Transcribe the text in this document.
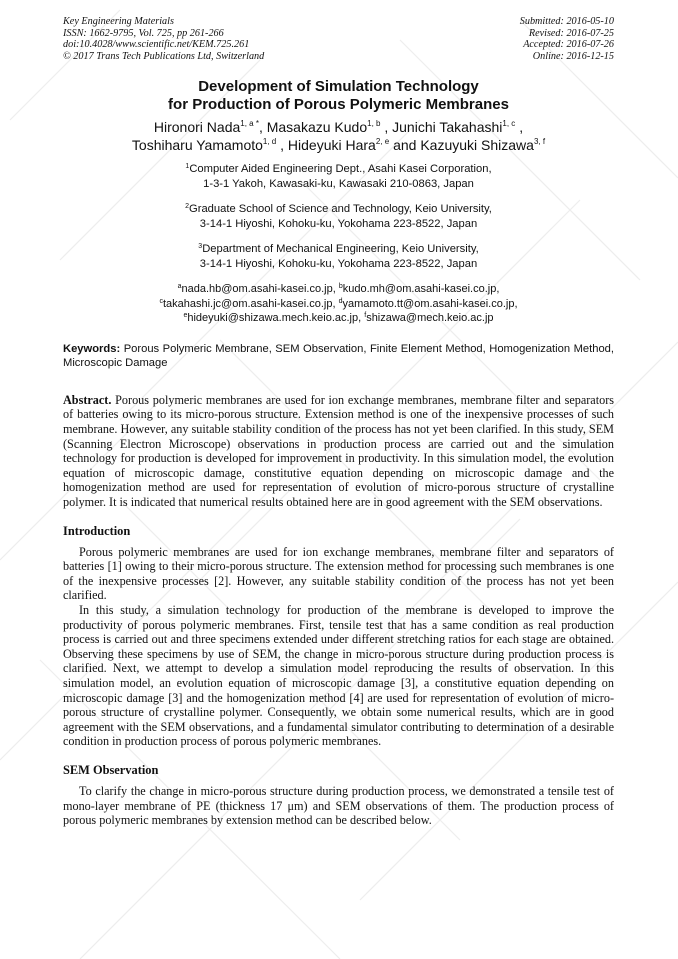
Key Engineering Materials
ISSN: 1662-9795, Vol. 725, pp 261-266
doi:10.4028/www.scientific.net/KEM.725.261
© 2017 Trans Tech Publications Ltd, Switzerland
Submitted: 2016-05-10
Revised: 2016-07-25
Accepted: 2016-07-26
Online: 2016-12-15
Development of Simulation Technology
for Production of Porous Polymeric Membranes
Hironori Nada$^{1, a *}$, Masakazu Kudo$^{1, b}$ , Junichi Takahashi$^{1, c}$ ,
Toshiharu Yamamoto$^{1, d}$ , Hideyuki Hara$^{2, e}$ and Kazuyuki Shizawa$^{3, f}$
$^1$Computer Aided Engineering Dept., Asahi Kasei Corporation,
1-3-1 Yakoh, Kawasaki-ku, Kawasaki 210-0863, Japan
$^2$Graduate School of Science and Technology, Keio University,
3-14-1 Hiyoshi, Kohoku-ku, Yokohama 223-8522, Japan
$^3$Department of Mechanical Engineering, Keio University,
3-14-1 Hiyoshi, Kohoku-ku, Yokohama 223-8522, Japan
$^a$nada.hb@om.asahi-kasei.co.jp, $^b$kudo.mh@om.asahi-kasei.co.jp,
$^c$takahashi.jc@om.asahi-kasei.co.jp, $^d$yamamoto.tt@om.asahi-kasei.co.jp,
$^e$hideyuki@shizawa.mech.keio.ac.jp, $^f$shizawa@mech.keio.ac.jp
Keywords: Porous Polymeric Membrane, SEM Observation, Finite Element Method, Homogenization Method, Microscopic Damage
Abstract. Porous polymeric membranes are used for ion exchange membranes, membrane filter and separators of batteries owing to its micro-porous structure. Extension method is one of the inexpensive processes of such membrane. However, any suitable stability condition of the process has not yet been clarified. In this study, SEM (Scanning Electron Microscope) observations in production process are carried out and the simulation technology for production is developed for improvement in productivity. In this simulation model, the evolution equation of microscopic damage, constitutive equation depending on microscopic damage and the homogenization method are used for representation of evolution of micro-porous structure of crystalline polymer. It is indicated that numerical results obtained here are in good agreement with the SEM observations.
Introduction
Porous polymeric membranes are used for ion exchange membranes, membrane filter and separators of batteries [1] owing to their micro-porous structure. The extension method for processing such membranes is one of the inexpensive processes [2]. However, any suitable stability condition of the process has not yet been clarified.
In this study, a simulation technology for production of the membrane is developed to improve the productivity of porous polymeric membranes. First, tensile test that has a same condition as real production process is carried out and three specimens extended under different stretching ratios for each stage are obtained. Observing these specimens by use of SEM, the change in micro-porous structure during production process is clarified. Next, we attempt to develop a simulation model reproducing the results of observation. In this simulation model, an evolution equation of microscopic damage [3], a constitutive equation depending on microscopic damage [3] and the homogenization method [4] are used for representation of evolution of micro-porous structure of crystalline polymer. Consequently, we obtain some numerical results, which are in good agreement with the SEM observations, and a fundamental simulator contributing to determination of a desirable condition in production process of porous polymeric membranes.
SEM Observation
To clarify the change in micro-porous structure during production process, we demonstrated a tensile test of mono-layer membrane of PE (thickness 17 μm) and SEM observations of them. The production process of porous polymeric membranes by extension method can be described below.
